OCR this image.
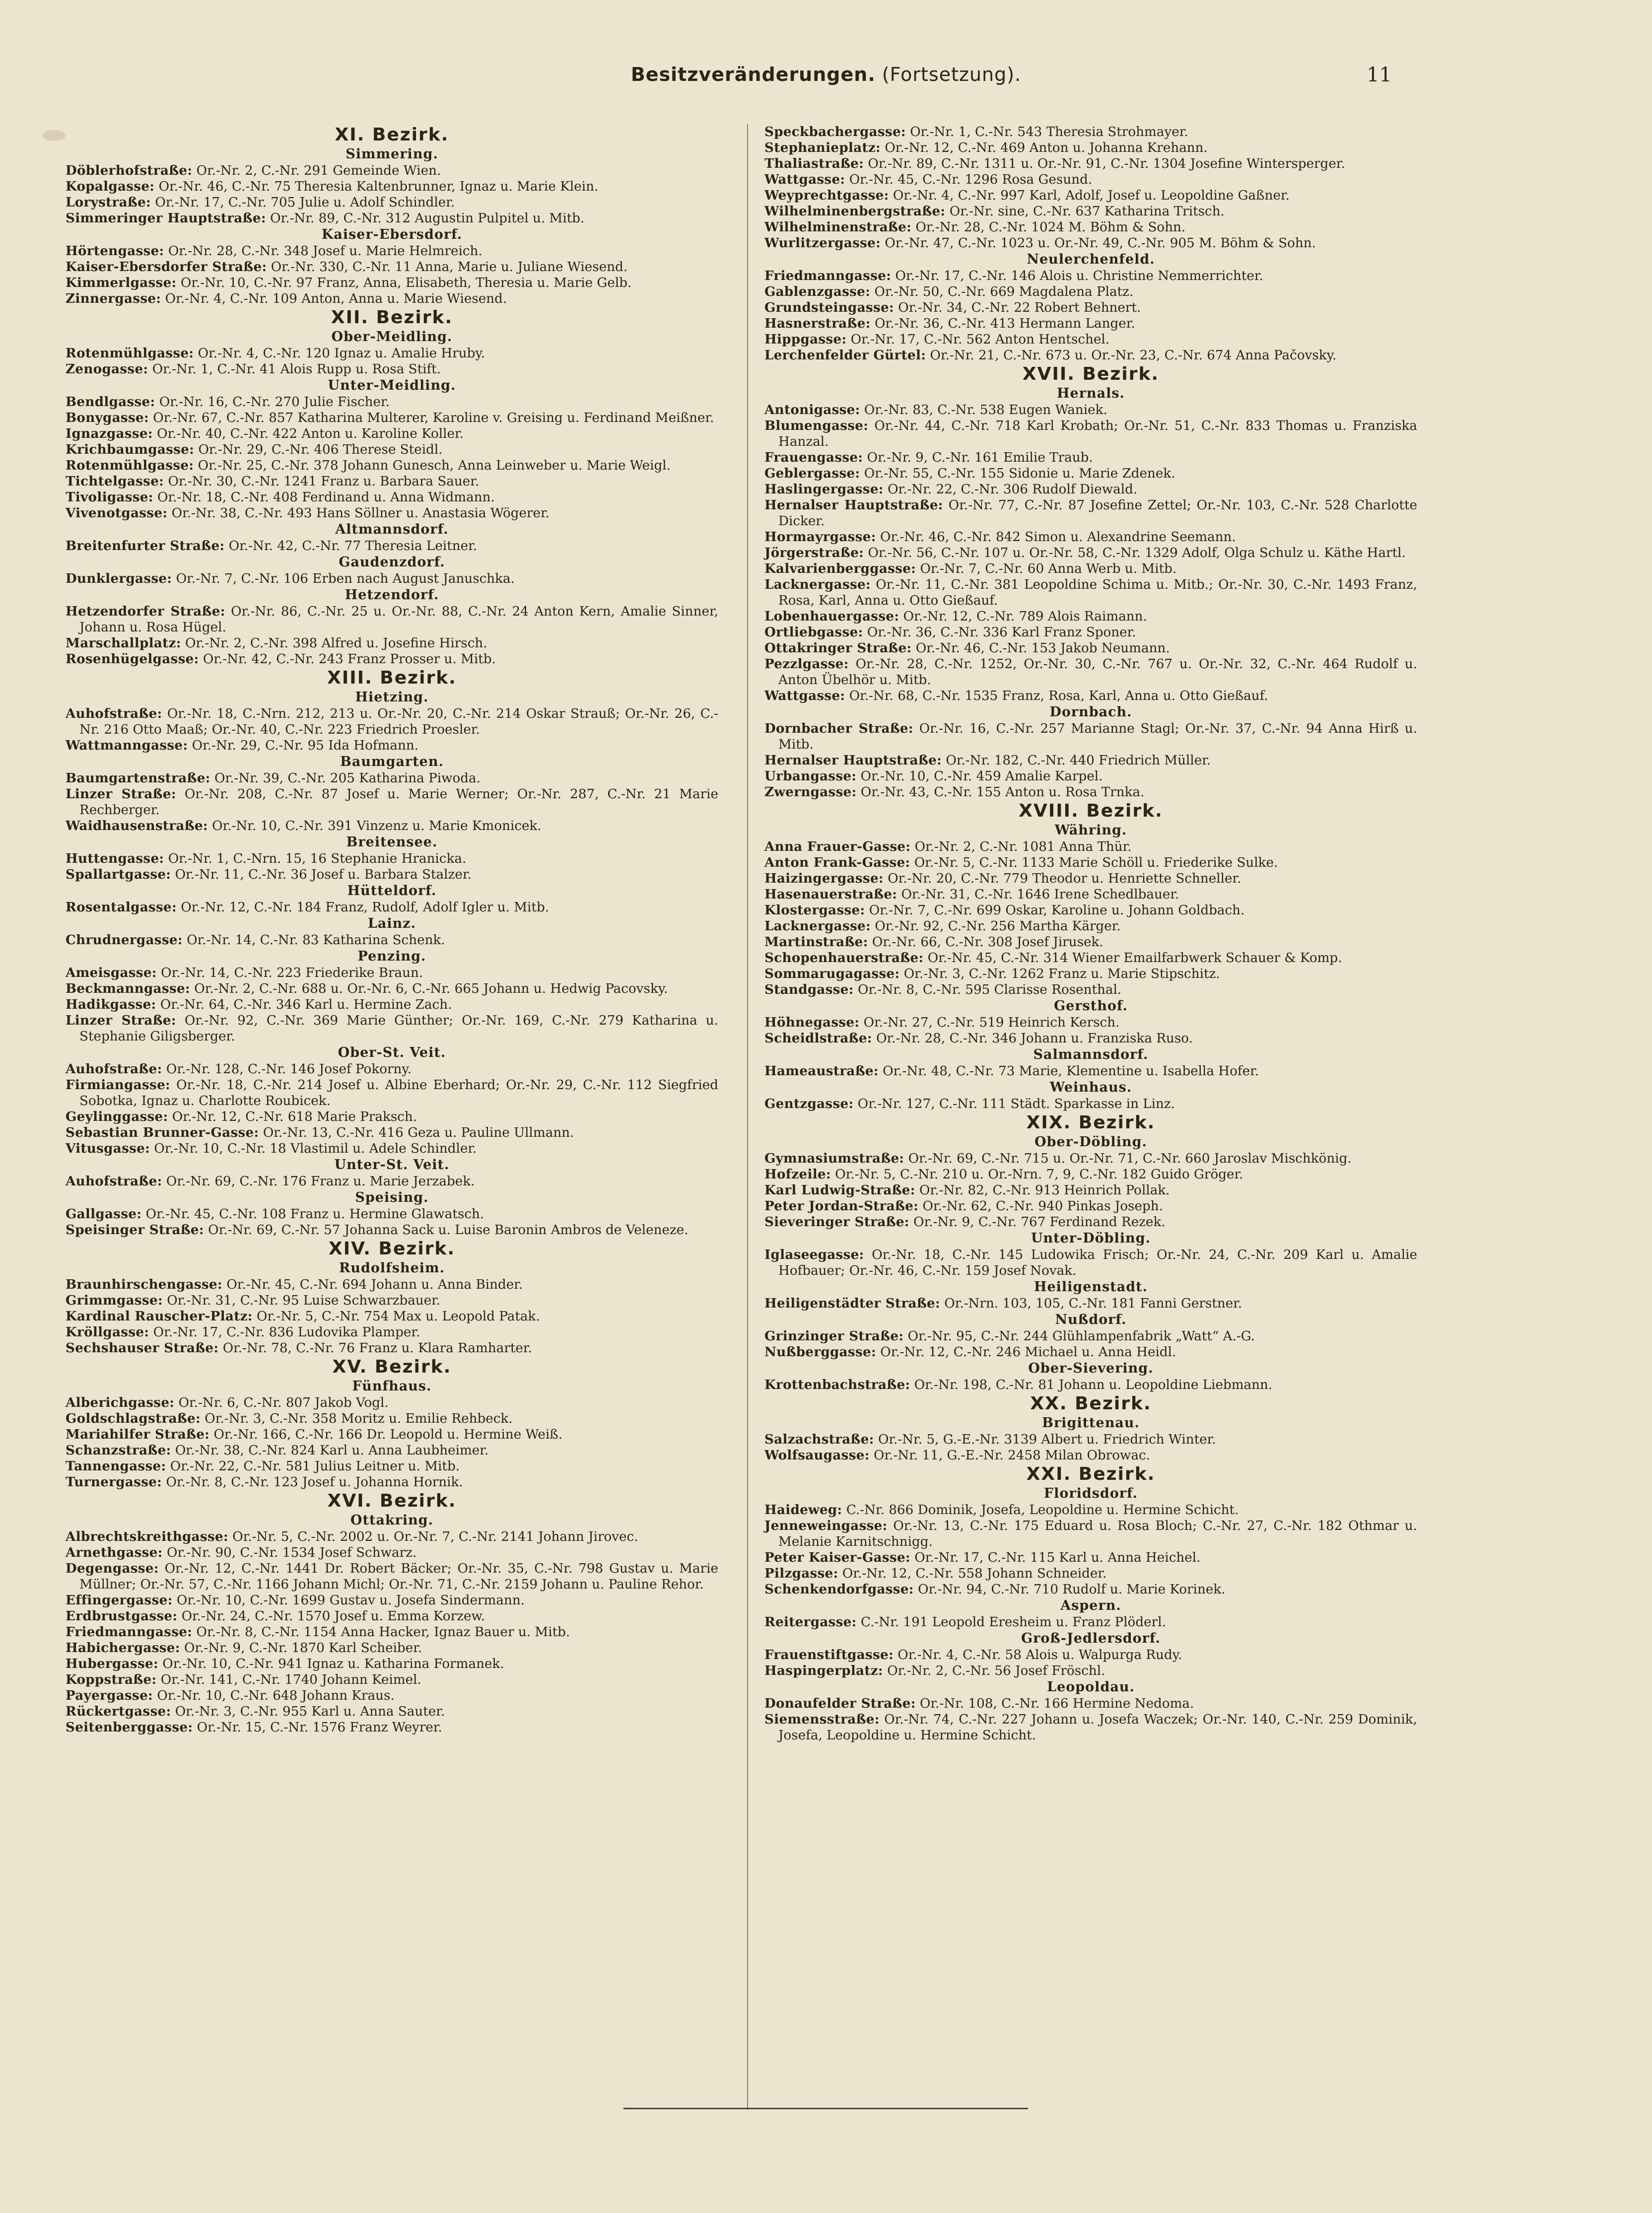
Besitzveränderungen. (Fortsetzung).	11
XI. Bezirk.
Simmering.
Döblerhofstraße: Or.-Nr. 2, C.-Nr. 291 Gemeinde Wien.
Kopalgasse: Or.-Nr. 46, C.-Nr. 75 Theresia Kaltenbrunner, Ignaz u. Marie Klein.
Lorystraße: Or.-Nr. 17, C.-Nr. 705 Julie u. Adolf Schindler.
Simmeringer Hauptstraße: Or.-Nr. 89, C.-Nr. 312 Augustin Pulpitel u. Mitb.
Kaiser-Ebersdorf.
Hörtengasse: Or.-Nr. 28, C.-Nr. 348 Josef u. Marie Helmreich.
Kaiser-Ebersdorfer Straße: Or.-Nr. 330, C.-Nr. 11 Anna, Marie u. Juliane Wiesend.
Kimmerlgasse: Or.-Nr. 10, C.-Nr. 97 Franz, Anna, Elisabeth, Theresia u. Marie Gelb.
Zinnergasse: Or.-Nr. 4, C.-Nr. 109 Anton, Anna u. Marie Wiesend.
XII. Bezirk.
Ober-Meidling.
Rotenmühlgasse: Or.-Nr. 4, C.-Nr. 120 Ignaz u. Amalie Hruby.
Zenogasse: Or.-Nr. 1, C.-Nr. 41 Alois Rupp u. Rosa Stift.
Unter-Meidling.
Bendlgasse: Or.-Nr. 16, C.-Nr. 270 Julie Fischer.
Bonygasse: Or.-Nr. 67, C.-Nr. 857 Katharina Multerer, Karoline v. Greising u. Ferdinand Meißner.
Ignazgasse: Or.-Nr. 40, C.-Nr. 422 Anton u. Karoline Koller.
Krichbaumgasse: Or.-Nr. 29, C.-Nr. 406 Therese Steidl.
Rotenmühlgasse: Or.-Nr. 25, C.-Nr. 378 Johann Gunesch, Anna Leinweber u. Marie Weigl.
Tichtelgasse: Or.-Nr. 30, C.-Nr. 1241 Franz u. Barbara Sauer.
Tivoligasse: Or.-Nr. 18, C.-Nr. 408 Ferdinand u. Anna Widmann.
Vivenotgasse: Or.-Nr. 38, C.-Nr. 493 Hans Söllner u. Anastasia Wögerer.
Altmannsdorf.
Breitenfurter Straße: Or.-Nr. 42, C.-Nr. 77 Theresia Leitner.
Gaudenzdorf.
Dunklergasse: Or.-Nr. 7, C.-Nr. 106 Erben nach August Januschka.
Hetzendorf.
Hetzendorfer Straße: Or.-Nr. 86, C.-Nr. 25 u. Or.-Nr. 88, C.-Nr. 24 Anton Kern, Amalie Sinner, Johann u. Rosa Hügel.
Marschallplatz: Or.-Nr. 2, C.-Nr. 398 Alfred u. Josefine Hirsch.
Rosenhügelgasse: Or.-Nr. 42, C.-Nr. 243 Franz Prosser u. Mitb.
XIII. Bezirk.
Hietzing.
Auhofstraße: Or.-Nr. 18, C.-Nrn. 212, 213 u. Or.-Nr. 20, C.-Nr. 214 Oskar Strauß; Or.-Nr. 26, C.-Nr. 216 Otto Maaß; Or.-Nr. 40, C.-Nr. 223 Friedrich Proesler.
Wattmanngasse: Or.-Nr. 29, C.-Nr. 95 Ida Hofmann.
Baumgarten.
Baumgartenstraße: Or.-Nr. 39, C.-Nr. 205 Katharina Piwoda.
Linzer Straße: Or.-Nr. 208, C.-Nr. 87 Josef u. Marie Werner; Or.-Nr. 287, C.-Nr. 21 Marie Rechberger.
Waidhausenstraße: Or.-Nr. 10, C.-Nr. 391 Vinzenz u. Marie Kmonicek.
Breitensee.
Huttengasse: Or.-Nr. 1, C.-Nrn. 15, 16 Stephanie Hranicka.
Spallartgasse: Or.-Nr. 11, C.-Nr. 36 Josef u. Barbara Stalzer.
Hütteldorf.
Rosentalgasse: Or.-Nr. 12, C.-Nr. 184 Franz, Rudolf, Adolf Igler u. Mitb.
Lainz.
Chrudnergasse: Or.-Nr. 14, C.-Nr. 83 Katharina Schenk.
Penzing.
Ameisgasse: Or.-Nr. 14, C.-Nr. 223 Friederike Braun.
Beckmanngasse: Or.-Nr. 2, C.-Nr. 688 u. Or.-Nr. 6, C.-Nr. 665 Johann u. Hedwig Pacovsky.
Hadikgasse: Or.-Nr. 64, C.-Nr. 346 Karl u. Hermine Zach.
Linzer Straße: Or.-Nr. 92, C.-Nr. 369 Marie Günther; Or.-Nr. 169, C.-Nr. 279 Katharina u. Stephanie Giligsberger.
Ober-St. Veit.
Auhofstraße: Or.-Nr. 128, C.-Nr. 146 Josef Pokorny.
Firmiangasse: Or.-Nr. 18, C.-Nr. 214 Josef u. Albine Eberhard; Or.-Nr. 29, C.-Nr. 112 Siegfried Sobotka, Ignaz u. Charlotte Roubicek.
Geylinggasse: Or.-Nr. 12, C.-Nr. 618 Marie Praksch.
Sebastian Brunner-Gasse: Or.-Nr. 13, C.-Nr. 416 Geza u. Pauline Ullmann.
Vitusgasse: Or.-Nr. 10, C.-Nr. 18 Vlastimil u. Adele Schindler.
Unter-St. Veit.
Auhofstraße: Or.-Nr. 69, C.-Nr. 176 Franz u. Marie Jerzabek.
Speising.
Gallgasse: Or.-Nr. 45, C.-Nr. 108 Franz u. Hermine Glawatsch.
Speisinger Straße: Or.-Nr. 69, C.-Nr. 57 Johanna Sack u. Luise Baronin Ambros de Veleneze.
XIV. Bezirk.
Rudolfsheim.
Braunhirschengasse: Or.-Nr. 45, C.-Nr. 694 Johann u. Anna Binder.
Grimmgasse: Or.-Nr. 31, C.-Nr. 95 Luise Schwarzbauer.
Kardinal Rauscher-Platz: Or.-Nr. 5, C.-Nr. 754 Max u. Leopold Patak.
Kröllgasse: Or.-Nr. 17, C.-Nr. 836 Ludovika Plamper.
Sechshauser Straße: Or.-Nr. 78, C.-Nr. 76 Franz u. Klara Ramharter.
XV. Bezirk.
Fünfhaus.
Alberichgasse: Or.-Nr. 6, C.-Nr. 807 Jakob Vogl.
Goldschlagstraße: Or.-Nr. 3, C.-Nr. 358 Moritz u. Emilie Rehbeck.
Mariahilfer Straße: Or.-Nr. 166, C.-Nr. 166 Dr. Leopold u. Hermine Weiß.
Schanzstraße: Or.-Nr. 38, C.-Nr. 824 Karl u. Anna Laubheimer.
Tannengasse: Or.-Nr. 22, C.-Nr. 581 Julius Leitner u. Mitb.
Turnergasse: Or.-Nr. 8, C.-Nr. 123 Josef u. Johanna Hornik.
XVI. Bezirk.
Ottakring.
Albrechtskreithgasse: Or.-Nr. 5, C.-Nr. 2002 u. Or.-Nr. 7, C.-Nr. 2141 Johann Jirovec.
Arnethgasse: Or.-Nr. 90, C.-Nr. 1534 Josef Schwarz.
Degengasse: Or.-Nr. 12, C.-Nr. 1441 Dr. Robert Bäcker; Or.-Nr. 35, C.-Nr. 798 Gustav u. Marie Müllner; Or.-Nr. 57, C.-Nr. 1166 Johann Michl; Or.-Nr. 71, C.-Nr. 2159 Johann u. Pauline Rehor.
Effingergasse: Or.-Nr. 10, C.-Nr. 1699 Gustav u. Josefa Sindermann.
Erdbrustgasse: Or.-Nr. 24, C.-Nr. 1570 Josef u. Emma Korzew.
Friedmanngasse: Or.-Nr. 8, C.-Nr. 1154 Anna Hacker, Ignaz Bauer u. Mitb.
Habichergasse: Or.-Nr. 9, C.-Nr. 1870 Karl Scheiber.
Hubergasse: Or.-Nr. 10, C.-Nr. 941 Ignaz u. Katharina Formanek.
Koppstraße: Or.-Nr. 141, C.-Nr. 1740 Johann Keimel.
Payergasse: Or.-Nr. 10, C.-Nr. 648 Johann Kraus.
Rückertgasse: Or.-Nr. 3, C.-Nr. 955 Karl u. Anna Sauter.
Seitenberggasse: Or.-Nr. 15, C.-Nr. 1576 Franz Weyrer.
Speckbachergasse: Or.-Nr. 1, C.-Nr. 543 Theresia Strohmayer.
Stephanieplatz: Or.-Nr. 12, C.-Nr. 469 Anton u. Johanna Krehann.
Thaliastraße: Or.-Nr. 89, C.-Nr. 1311 u. Or.-Nr. 91, C.-Nr. 1304 Josefine Wintersperger.
Wattgasse: Or.-Nr. 45, C.-Nr. 1296 Rosa Gesund.
Weyprechtgasse: Or.-Nr. 4, C.-Nr. 997 Karl, Adolf, Josef u. Leopoldine Gaßner.
Wilhelminenbergstraße: Or.-Nr. sine, C.-Nr. 637 Katharina Tritsch.
Wilhelminenstraße: Or.-Nr. 28, C.-Nr. 1024 M. Böhm & Sohn.
Wurlitzergasse: Or.-Nr. 47, C.-Nr. 1023 u. Or.-Nr. 49, C.-Nr. 905 M. Böhm & Sohn.
Neulerchenfeld.
Friedmanngasse: Or.-Nr. 17, C.-Nr. 146 Alois u. Christine Nemmerrichter.
Gablenzgasse: Or.-Nr. 50, C.-Nr. 669 Magdalena Platz.
Grundsteingasse: Or.-Nr. 34, C.-Nr. 22 Robert Behnert.
Hasnerstraße: Or.-Nr. 36, C.-Nr. 413 Hermann Langer.
Hippgasse: Or.-Nr. 17, C.-Nr. 562 Anton Hentschel.
Lerchenfelder Gürtel: Or.-Nr. 21, C.-Nr. 673 u. Or.-Nr. 23, C.-Nr. 674 Anna Pačovsky.
XVII. Bezirk.
Hernals.
Antonigasse: Or.-Nr. 83, C.-Nr. 538 Eugen Waniek.
Blumengasse: Or.-Nr. 44, C.-Nr. 718 Karl Krobath; Or.-Nr. 51, C.-Nr. 833 Thomas u. Franziska Hanzal.
Frauengasse: Or.-Nr. 9, C.-Nr. 161 Emilie Traub.
Geblergasse: Or.-Nr. 55, C.-Nr. 155 Sidonie u. Marie Zdenek.
Haslingergasse: Or.-Nr. 22, C.-Nr. 306 Rudolf Diewald.
Hernalser Hauptstraße: Or.-Nr. 77, C.-Nr. 87 Josefine Zettel; Or.-Nr. 103, C.-Nr. 528 Charlotte Dicker.
Hormayrgasse: Or.-Nr. 46, C.-Nr. 842 Simon u. Alexandrine Seemann.
Jörgerstraße: Or.-Nr. 56, C.-Nr. 107 u. Or.-Nr. 58, C.-Nr. 1329 Adolf, Olga Schulz u. Käthe Hartl.
Kalvarienberggasse: Or.-Nr. 7, C.-Nr. 60 Anna Werb u. Mitb.
Lacknergasse: Or.-Nr. 11, C.-Nr. 381 Leopoldine Schima u. Mitb.; Or.-Nr. 30, C.-Nr. 1493 Franz, Rosa, Karl, Anna u. Otto Gießauf.
Lobenhauergasse: Or.-Nr. 12, C.-Nr. 789 Alois Raimann.
Ortliebgasse: Or.-Nr. 36, C.-Nr. 336 Karl Franz Sponer.
Ottakringer Straße: Or.-Nr. 46, C.-Nr. 153 Jakob Neumann.
Pezzlgasse: Or.-Nr. 28, C.-Nr. 1252, Or.-Nr. 30, C.-Nr. 767 u. Or.-Nr. 32, C.-Nr. 464 Rudolf u. Anton Übelhör u. Mitb.
Wattgasse: Or.-Nr. 68, C.-Nr. 1535 Franz, Rosa, Karl, Anna u. Otto Gießauf.
Dornbach.
Dornbacher Straße: Or.-Nr. 16, C.-Nr. 257 Marianne Stagl; Or.-Nr. 37, C.-Nr. 94 Anna Hirß u. Mitb.
Hernalser Hauptstraße: Or.-Nr. 182, C.-Nr. 440 Friedrich Müller.
Urbangasse: Or.-Nr. 10, C.-Nr. 459 Amalie Karpel.
Zwerngasse: Or.-Nr. 43, C.-Nr. 155 Anton u. Rosa Trnka.
XVIII. Bezirk.
Währing.
Anna Frauer-Gasse: Or.-Nr. 2, C.-Nr. 1081 Anna Thür.
Anton Frank-Gasse: Or.-Nr. 5, C.-Nr. 1133 Marie Schöll u. Friederike Sulke.
Haizingergasse: Or.-Nr. 20, C.-Nr. 779 Theodor u. Henriette Schneller.
Hasenauerstraße: Or.-Nr. 31, C.-Nr. 1646 Irene Schedlbauer.
Klostergasse: Or.-Nr. 7, C.-Nr. 699 Oskar, Karoline u. Johann Goldbach.
Lacknergasse: Or.-Nr. 92, C.-Nr. 256 Martha Kärger.
Martinstraße: Or.-Nr. 66, C.-Nr. 308 Josef Jirusek.
Schopenhauerstraße: Or.-Nr. 45, C.-Nr. 314 Wiener Emailfarbwerk Schauer & Komp.
Sommarugagasse: Or.-Nr. 3, C.-Nr. 1262 Franz u. Marie Stipschitz.
Standgasse: Or.-Nr. 8, C.-Nr. 595 Clarisse Rosenthal.
Gersthof.
Höhnegasse: Or.-Nr. 27, C.-Nr. 519 Heinrich Kersch.
Scheidlstraße: Or.-Nr. 28, C.-Nr. 346 Johann u. Franziska Ruso.
Salmannsdorf.
Hameaustraße: Or.-Nr. 48, C.-Nr. 73 Marie, Klementine u. Isabella Hofer.
Weinhaus.
Gentzgasse: Or.-Nr. 127, C.-Nr. 111 Städt. Sparkasse in Linz.
XIX. Bezirk.
Ober-Döbling.
Gymnasiumstraße: Or.-Nr. 69, C.-Nr. 715 u. Or.-Nr. 71, C.-Nr. 660 Jaroslav Mischkönig.
Hofzeile: Or.-Nr. 5, C.-Nr. 210 u. Or.-Nrn. 7, 9, C.-Nr. 182 Guido Gröger.
Karl Ludwig-Straße: Or.-Nr. 82, C.-Nr. 913 Heinrich Pollak.
Peter Jordan-Straße: Or.-Nr. 62, C.-Nr. 940 Pinkas Joseph.
Sieveringer Straße: Or.-Nr. 9, C.-Nr. 767 Ferdinand Rezek.
Unter-Döbling.
Iglaseegasse: Or.-Nr. 18, C.-Nr. 145 Ludowika Frisch; Or.-Nr. 24, C.-Nr. 209 Karl u. Amalie Hofbauer; Or.-Nr. 46, C.-Nr. 159 Josef Novak.
Heiligenstadt.
Heiligenstädter Straße: Or.-Nrn. 103, 105, C.-Nr. 181 Fanni Gerstner.
Nußdorf.
Grinzinger Straße: Or.-Nr. 95, C.-Nr. 244 Glühlampenfabrik „Watt“ A.-G.
Nußberggasse: Or.-Nr. 12, C.-Nr. 246 Michael u. Anna Heidl.
Ober-Sievering.
Krottenbachstraße: Or.-Nr. 198, C.-Nr. 81 Johann u. Leopoldine Liebmann.
XX. Bezirk.
Brigittenau.
Salzachstraße: Or.-Nr. 5, G.-E.-Nr. 3139 Albert u. Friedrich Winter.
Wolfsaugasse: Or.-Nr. 11, G.-E.-Nr. 2458 Milan Obrowac.
XXI. Bezirk.
Floridsdorf.
Haideweg: C.-Nr. 866 Dominik, Josefa, Leopoldine u. Hermine Schicht.
Jenneweingasse: Or.-Nr. 13, C.-Nr. 175 Eduard u. Rosa Bloch; C.-Nr. 27, C.-Nr. 182 Othmar u. Melanie Karnitschnigg.
Peter Kaiser-Gasse: Or.-Nr. 17, C.-Nr. 115 Karl u. Anna Heichel.
Pilzgasse: Or.-Nr. 12, C.-Nr. 558 Johann Schneider.
Schenkendorfgasse: Or.-Nr. 94, C.-Nr. 710 Rudolf u. Marie Korinek.
Aspern.
Reitergasse: C.-Nr. 191 Leopold Eresheim u. Franz Plöderl.
Groß-Jedlersdorf.
Frauenstiftgasse: Or.-Nr. 4, C.-Nr. 58 Alois u. Walpurga Rudy.
Haspingerplatz: Or.-Nr. 2, C.-Nr. 56 Josef Fröschl.
Leopoldau.
Donaufelder Straße: Or.-Nr. 108, C.-Nr. 166 Hermine Nedoma.
Siemensstraße: Or.-Nr. 74, C.-Nr. 227 Johann u. Josefa Waczek; Or.-Nr. 140, C.-Nr. 259 Dominik, Josefa, Leopoldine u. Hermine Schicht.
